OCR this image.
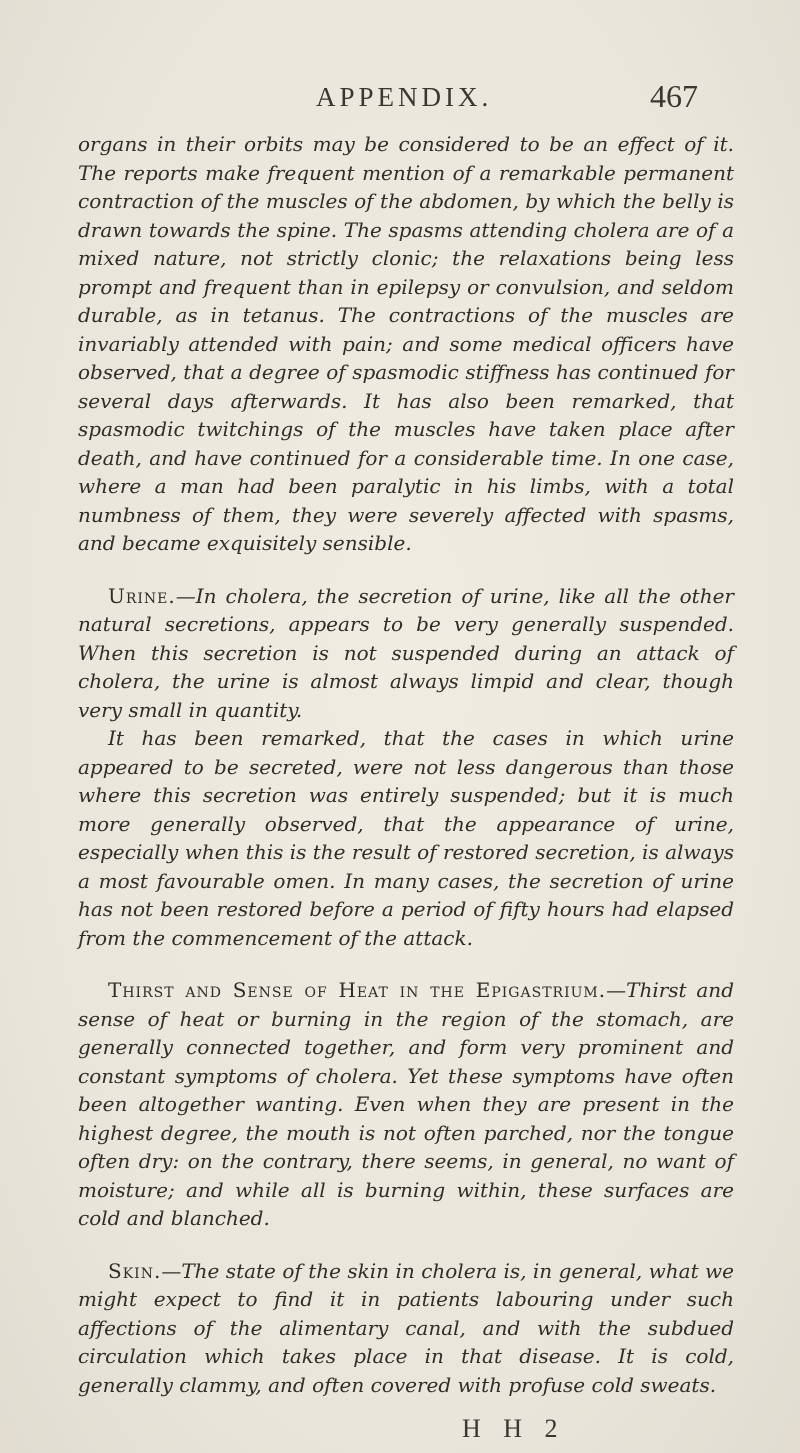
APPENDIX.	467

organs in their orbits may be considered to be an effect of it. The reports make frequent mention of a remarkable permanent contraction of the muscles of the abdomen, by which the belly is drawn towards the spine. The spasms attending cholera are of a mixed nature, not strictly clonic; the relaxations being less prompt and frequent than in epilepsy or convulsion, and seldom durable, as in tetanus. The contractions of the muscles are invariably attended with pain; and some medical officers have observed, that a degree of spasmodic stiffness has continued for several days afterwards. It has also been remarked, that spasmodic twitchings of the muscles have taken place after death, and have continued for a considerable time. In one case, where a man had been paralytic in his limbs, with a total numbness of them, they were severely affected with spasms, and became exquisitely sensible.

Urine.—In cholera, the secretion of urine, like all the other natural secretions, appears to be very generally suspended. When this secretion is not suspended during an attack of cholera, the urine is almost always limpid and clear, though very small in quantity.

It has been remarked, that the cases in which urine appeared to be secreted, were not less dangerous than those where this secretion was entirely suspended; but it is much more generally observed, that the appearance of urine, especially when this is the result of restored secretion, is always a most favourable omen. In many cases, the secretion of urine has not been restored before a period of fifty hours had elapsed from the commencement of the attack.

Thirst and Sense of Heat in the Epigastrium.—Thirst and sense of heat or burning in the region of the stomach, are generally connected together, and form very prominent and constant symptoms of cholera. Yet these symptoms have often been altogether wanting. Even when they are present in the highest degree, the mouth is not often parched, nor the tongue often dry: on the contrary, there seems, in general, no want of moisture; and while all is burning within, these surfaces are cold and blanched.

Skin.—The state of the skin in cholera is, in general, what we might expect to find it in patients labouring under such affections of the alimentary canal, and with the subdued circulation which takes place in that disease. It is cold, generally clammy, and often covered with profuse cold sweats.

H H 2
